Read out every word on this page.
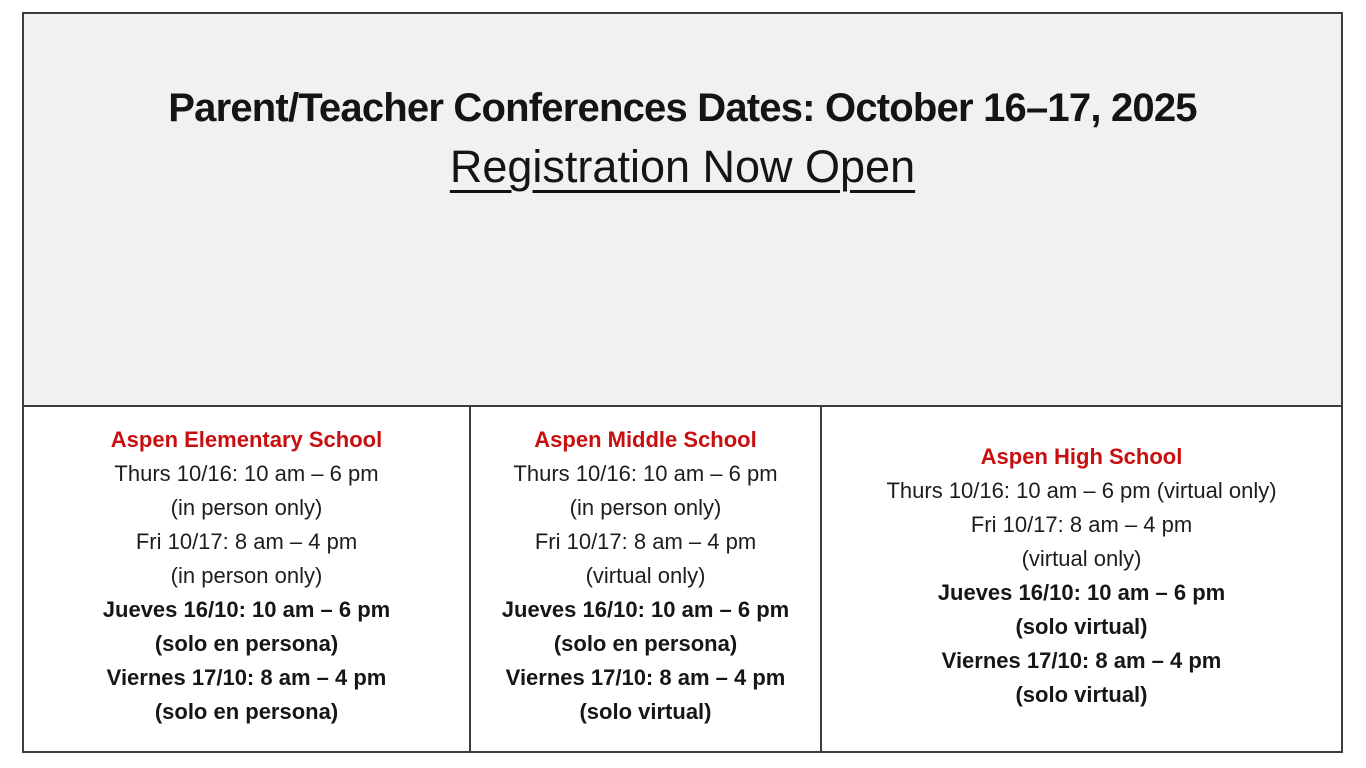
Parent/Teacher Conferences Dates: October 16–17, 2025
Registration Now Open
Aspen Elementary School

Thurs 10/16: 10 am – 6 pm

(in person only)

Fri 10/17: 8 am – 4 pm

(in person only)

Jueves 16/10: 10 am – 6 pm

(solo en persona)

Viernes 17/10: 8 am – 4 pm

(solo en persona)

Aspen Middle School

Thurs 10/16: 10 am – 6 pm

(in person only)

Fri 10/17: 8 am – 4 pm

(virtual only)

Jueves 16/10: 10 am – 6 pm

(solo en persona)

Viernes 17/10: 8 am – 4 pm

(solo virtual)

Aspen High School

Thurs 10/16: 10 am – 6 pm (virtual only)

Fri 10/17: 8 am – 4 pm

(virtual only)

Jueves 16/10: 10 am – 6 pm

(solo virtual)

Viernes 17/10: 8 am – 4 pm

(solo virtual)
